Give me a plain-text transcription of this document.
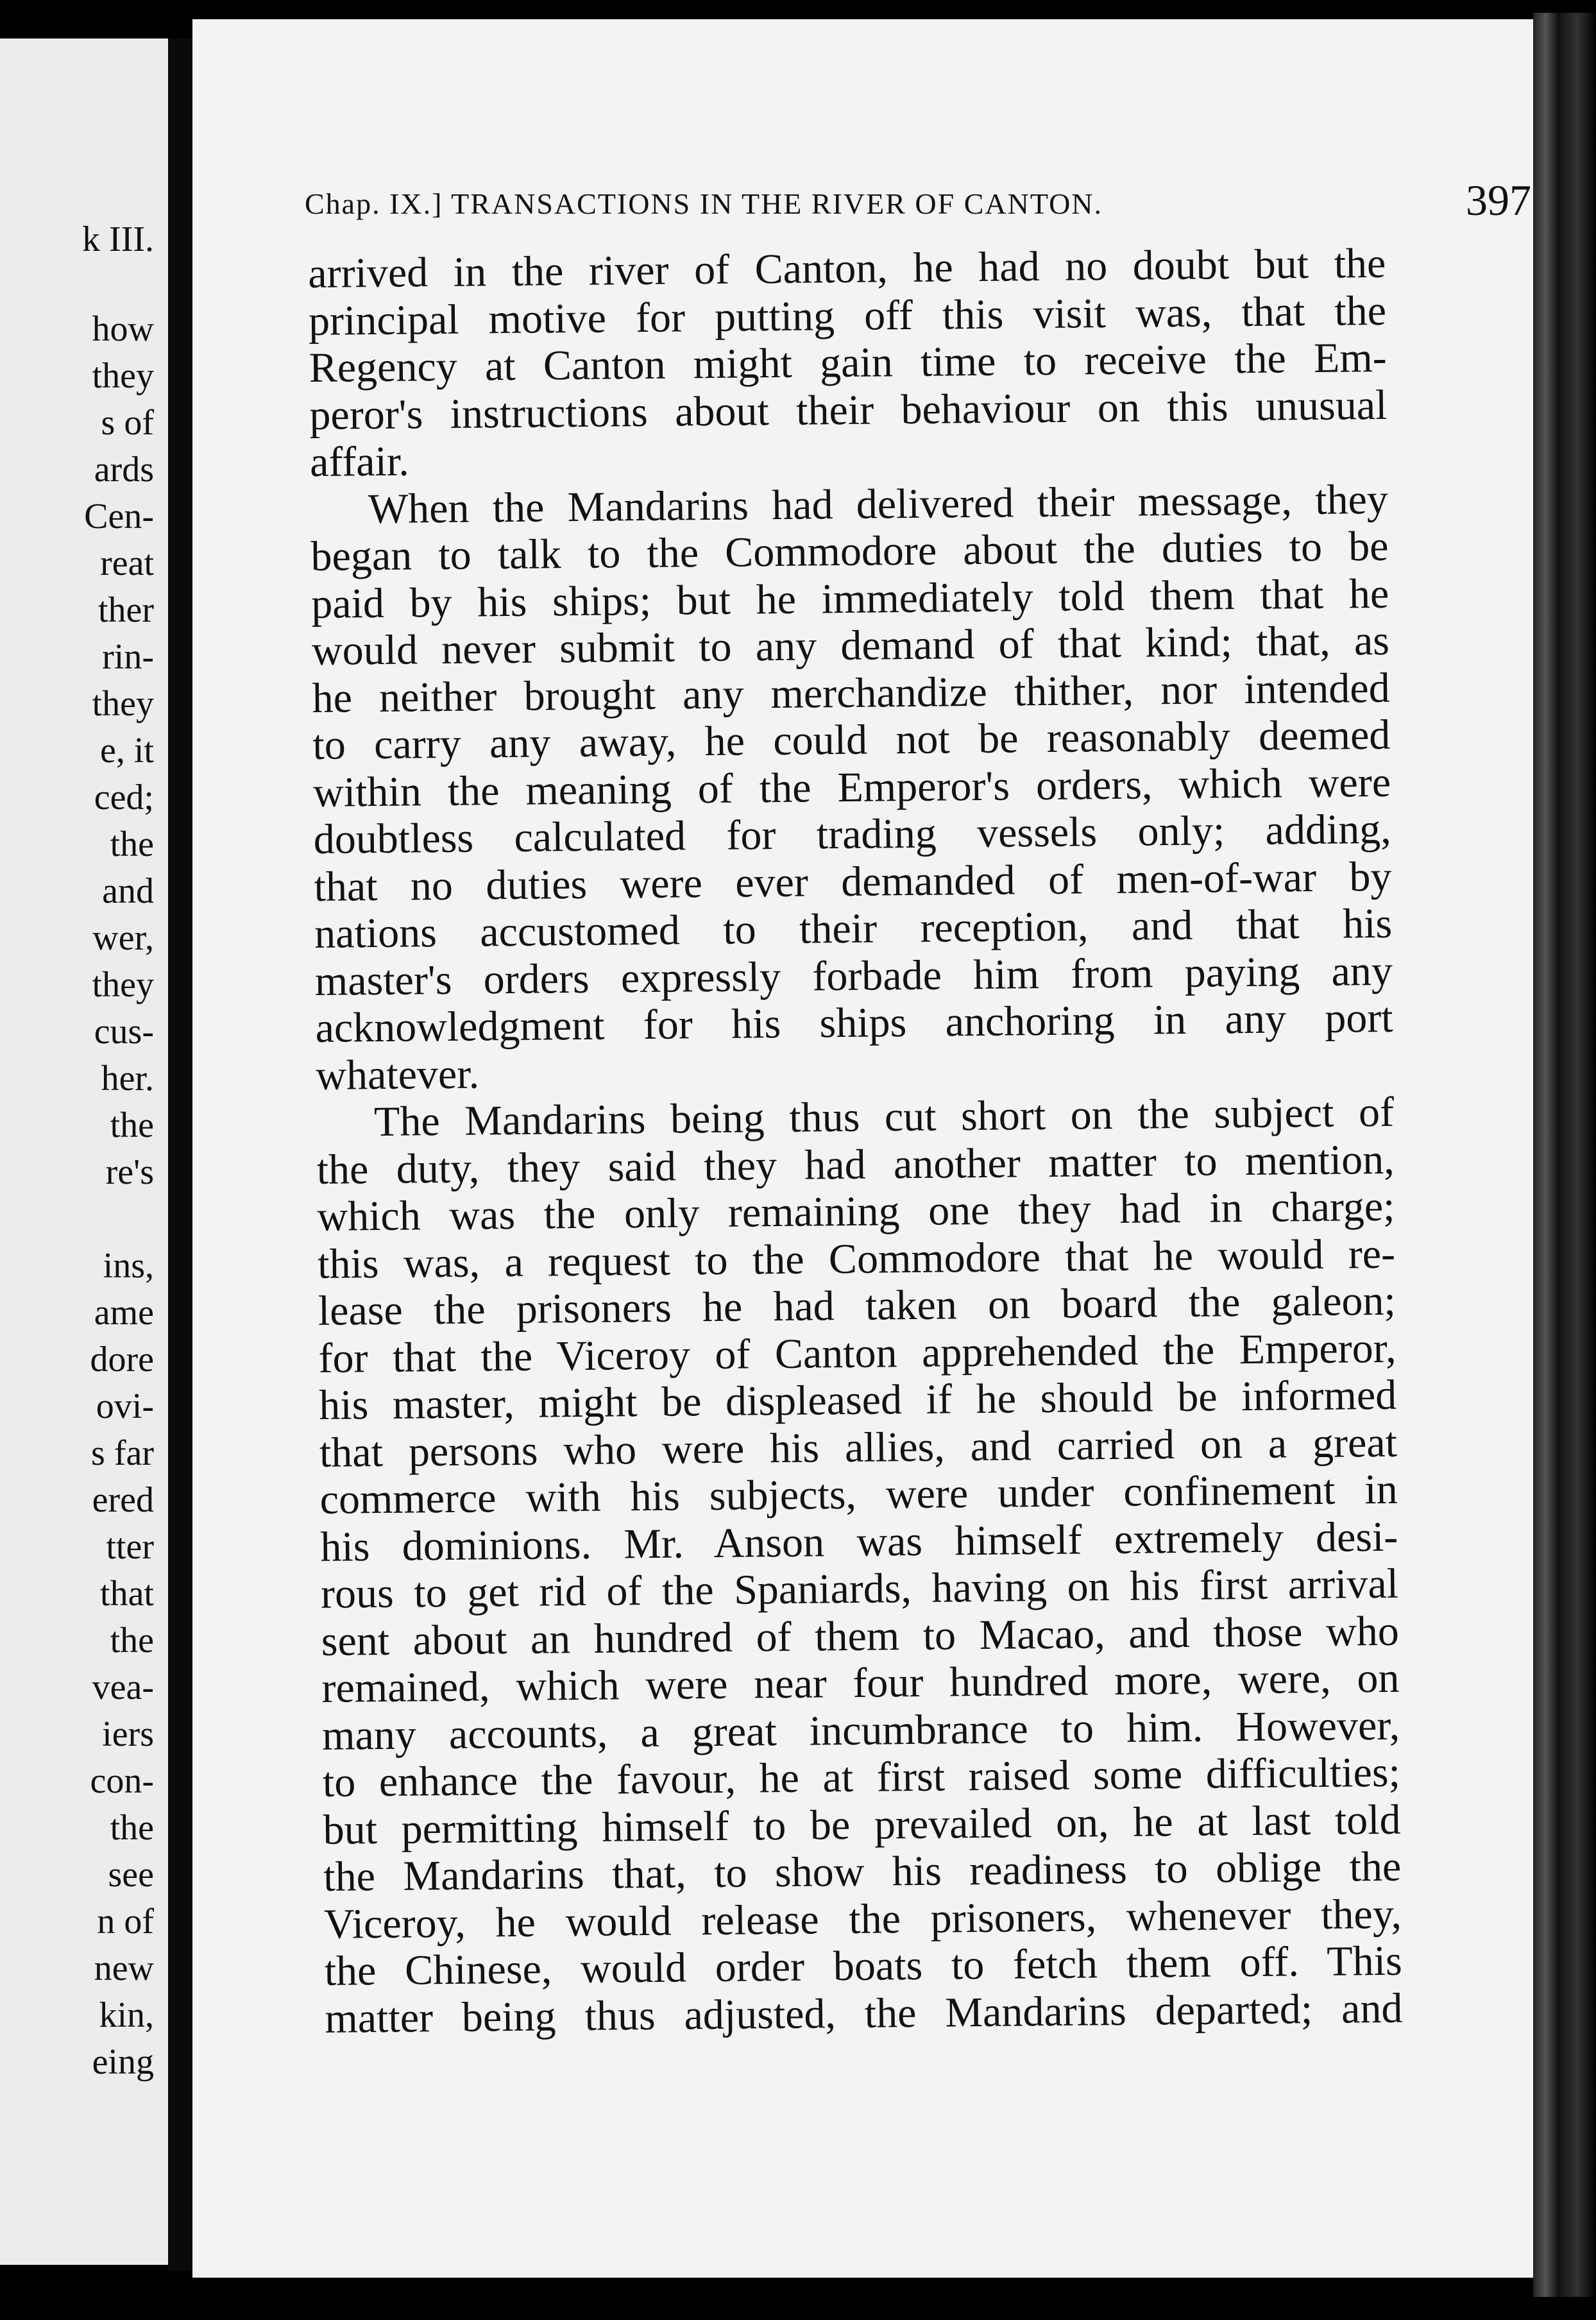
k III.
how
they
s of
ards
Cen-
reat
ther
rin-
they
e, it
ced;
the
and
wer,
they
cus-
her.
the
re's
ins,
ame
dore
ovi-
s far
ered
tter
that
the
vea-
iers
con-
the
see
n of
new
kin,
eing
Chap. IX.] TRANSACTIONS IN THE RIVER OF CANTON.	397
arrived in the river of Canton, he had no doubt but the
principal motive for putting off this visit was, that the
Regency at Canton might gain time to receive the Em-
peror's instructions about their behaviour on this unusual
affair.
When the Mandarins had delivered their message, they
began to talk to the Commodore about the duties to be
paid by his ships; but he immediately told them that he
would never submit to any demand of that kind; that, as
he neither brought any merchandize thither, nor intended
to carry any away, he could not be reasonably deemed
within the meaning of the Emperor's orders, which were
doubtless calculated for trading vessels only; adding,
that no duties were ever demanded of men-of-war by
nations accustomed to their reception, and that his
master's orders expressly forbade him from paying any
acknowledgment for his ships anchoring in any port
whatever.
The Mandarins being thus cut short on the subject of
the duty, they said they had another matter to mention,
which was the only remaining one they had in charge;
this was, a request to the Commodore that he would re-
lease the prisoners he had taken on board the galeon;
for that the Viceroy of Canton apprehended the Emperor,
his master, might be displeased if he should be informed
that persons who were his allies, and carried on a great
commerce with his subjects, were under confinement in
his dominions. Mr. Anson was himself extremely desi-
rous to get rid of the Spaniards, having on his first arrival
sent about an hundred of them to Macao, and those who
remained, which were near four hundred more, were, on
many accounts, a great incumbrance to him. However,
to enhance the favour, he at first raised some difficulties;
but permitting himself to be prevailed on, he at last told
the Mandarins that, to show his readiness to oblige the
Viceroy, he would release the prisoners, whenever they,
the Chinese, would order boats to fetch them off. This
matter being thus adjusted, the Mandarins departed; and
